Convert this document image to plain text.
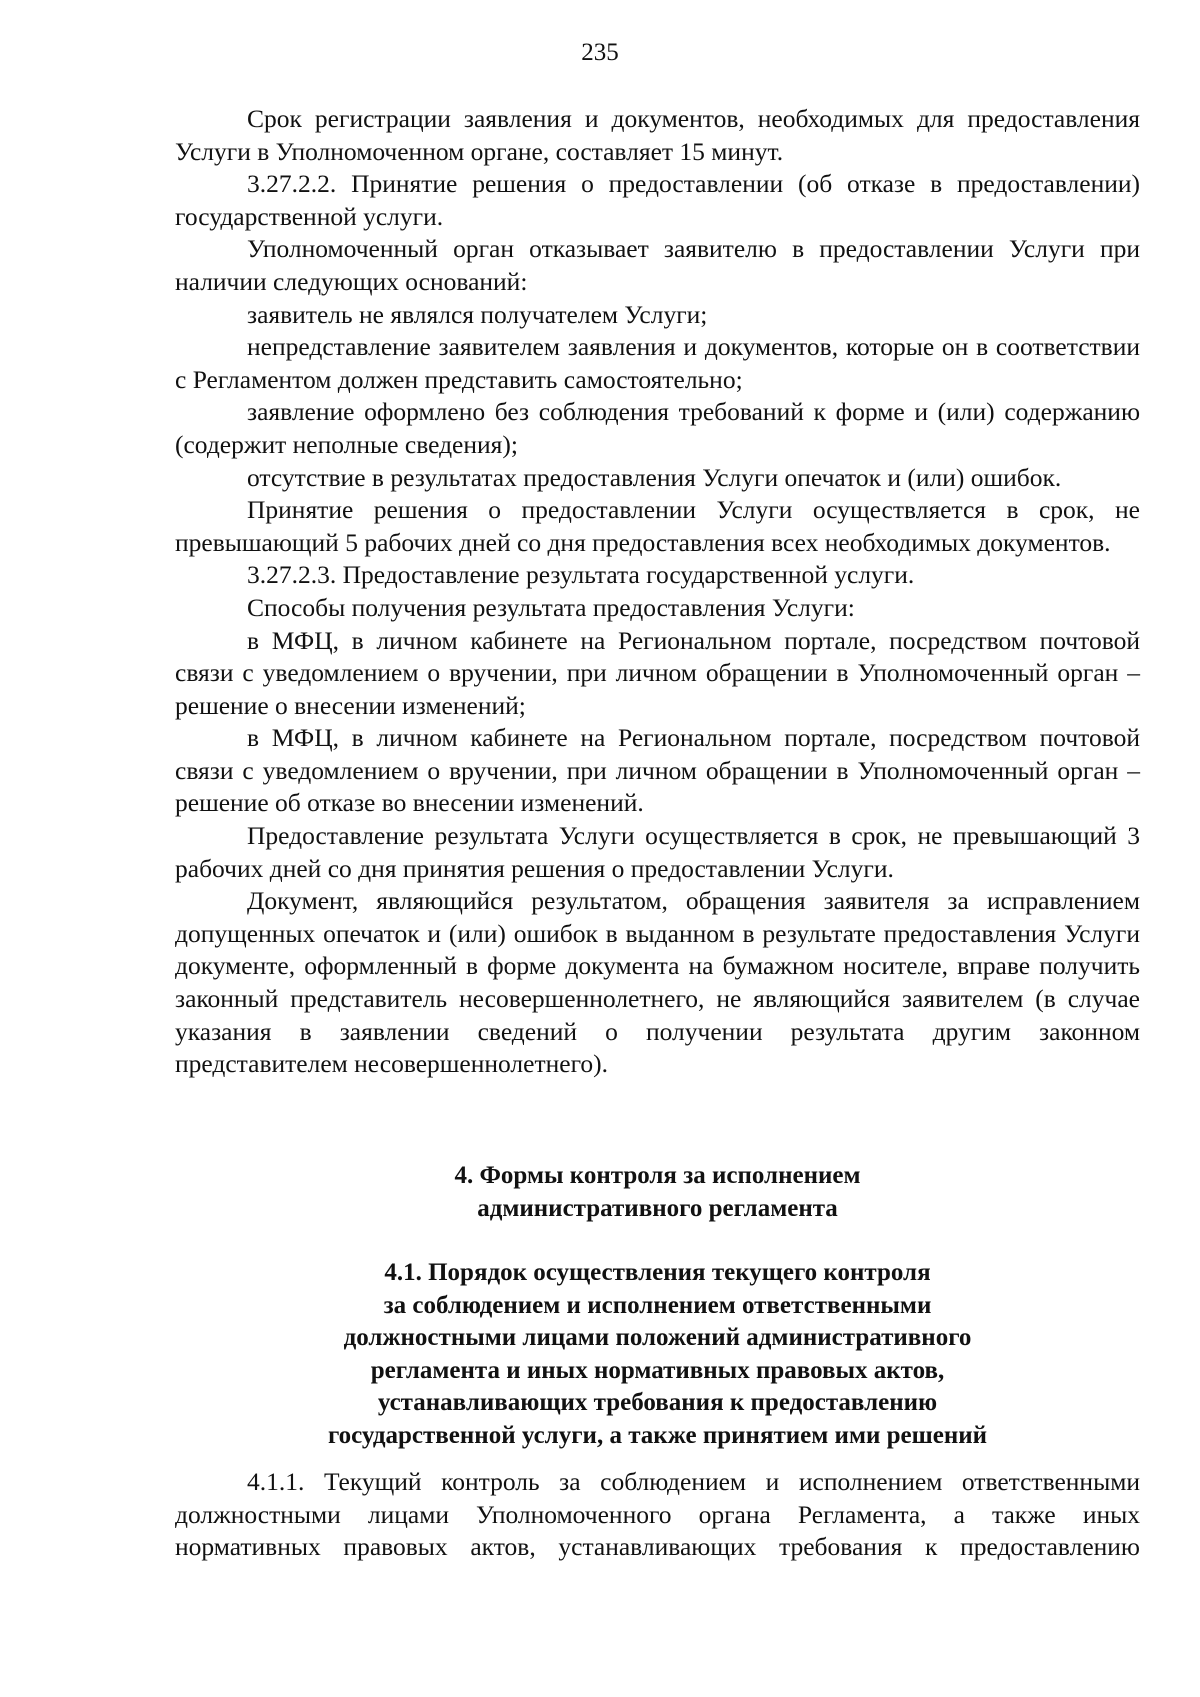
235

Срок регистрации заявления и документов, необходимых для предоставления Услуги в Уполномоченном органе, составляет 15 минут.

3.27.2.2. Принятие решения о предоставлении (об отказе в предоставлении) государственной услуги.

Уполномоченный орган отказывает заявителю в предоставлении Услуги при наличии следующих оснований:

заявитель не являлся получателем Услуги;

непредставление заявителем заявления и документов, которые он в соответствии с Регламентом должен представить самостоятельно;

заявление оформлено без соблюдения требований к форме и (или) содержанию (содержит неполные сведения);

отсутствие в результатах предоставления Услуги опечаток и (или) ошибок.

Принятие решения о предоставлении Услуги осуществляется в срок, не превышающий 5 рабочих дней со дня предоставления всех необходимых документов.

3.27.2.3. Предоставление результата государственной услуги.

Способы получения результата предоставления Услуги:

в МФЦ, в личном кабинете на Региональном портале, посредством почтовой связи с уведомлением о вручении, при личном обращении в Уполномоченный орган – решение о внесении изменений;

в МФЦ, в личном кабинете на Региональном портале, посредством почтовой связи с уведомлением о вручении, при личном обращении в Уполномоченный орган – решение об отказе во внесении изменений.

Предоставление результата Услуги осуществляется в срок, не превышающий 3 рабочих дней со дня принятия решения о предоставлении Услуги.

Документ, являющийся результатом, обращения заявителя за исправлением допущенных опечаток и (или) ошибок в выданном в результате предоставления Услуги документе, оформленный в форме документа на бумажном носителе, вправе получить законный представитель несовершеннолетнего, не являющийся заявителем (в случае указания в заявлении сведений о получении результата другим законном представителем несовершеннолетнего).

4. Формы контроля за исполнением
административного регламента
4.1. Порядок осуществления текущего контроля
за соблюдением и исполнением ответственными
должностными лицами положений административного
регламента и иных нормативных правовых актов,
устанавливающих требования к предоставлению
государственной услуги, а также принятием ими решений

4.1.1. Текущий контроль за соблюдением и исполнением ответственными должностными лицами Уполномоченного органа Регламента, а также иных нормативных правовых актов, устанавливающих требования к предоставлению
